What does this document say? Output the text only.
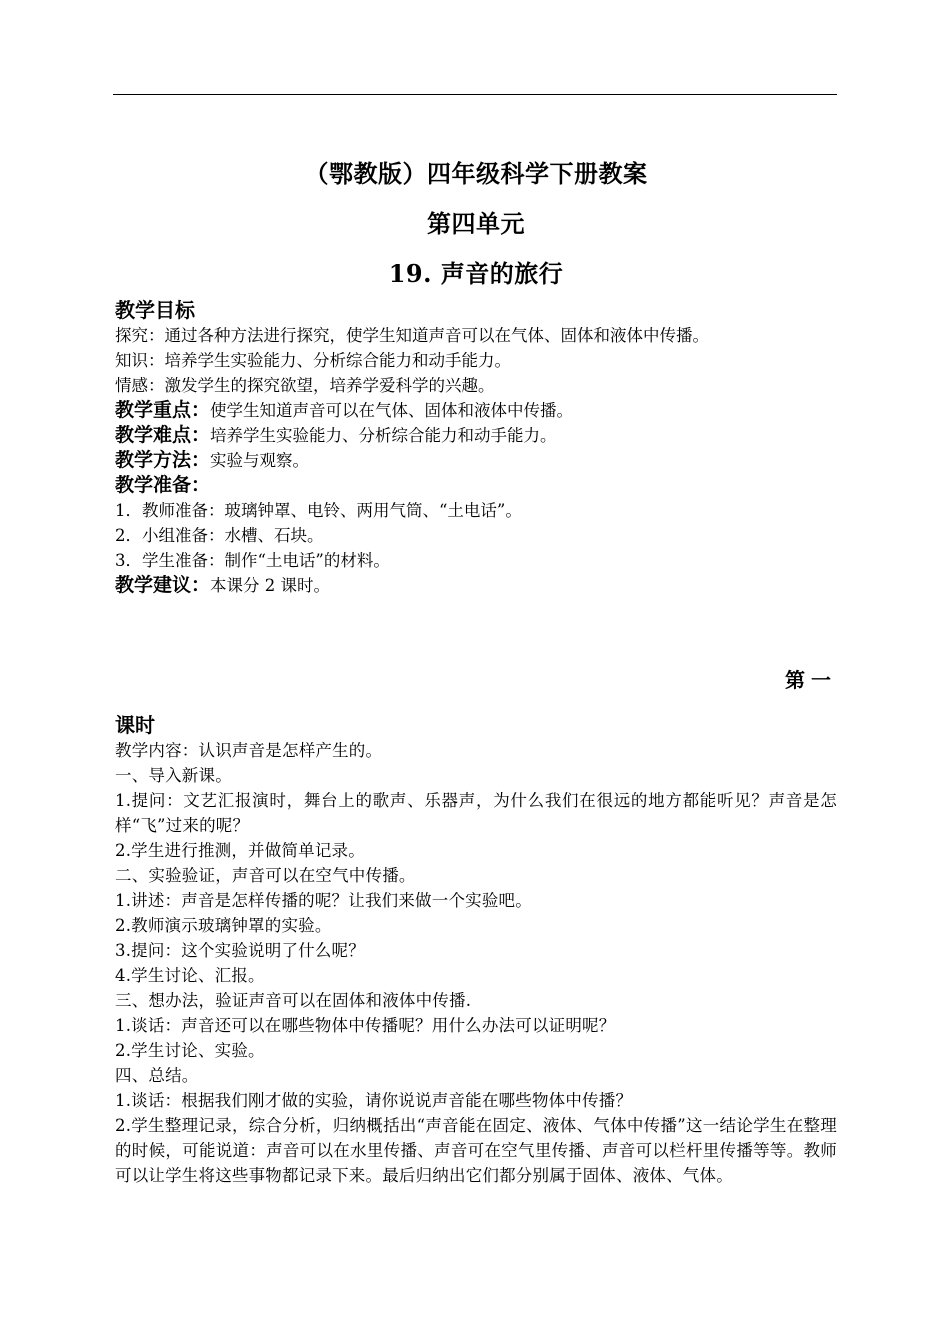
（鄂教版）四年级科学下册教案

第四单元

19. 声音的旅行

教学目标

探究：通过各种方法进行探究，使学生知道声音可以在气体、固体和液体中传播。

知识：培养学生实验能力、分析综合能力和动手能力。

情感：激发学生的探究欲望，培养学爱科学的兴趣。

教学重点：使学生知道声音可以在气体、固体和液体中传播。

教学难点：培养学生实验能力、分析综合能力和动手能力。

教学方法：实验与观察。

教学准备：

1．教师准备：玻璃钟罩、电铃、两用气筒、“土电话”。

2．小组准备：水槽、石块。

3．学生准备：制作“土电话”的材料。

教学建议：本课分 2 课时。

第一

课时

教学内容：认识声音是怎样产生的。

一、导入新课。

1.提问：文艺汇报演时，舞台上的歌声、乐器声，为什么我们在很远的地方都能听见？声音是怎样“飞”过来的呢？

2.学生进行推测，并做简单记录。

二、实验验证，声音可以在空气中传播。

1.讲述：声音是怎样传播的呢？让我们来做一个实验吧。

2.教师演示玻璃钟罩的实验。

3.提问：这个实验说明了什么呢？

4.学生讨论、汇报。

三、想办法，验证声音可以在固体和液体中传播.

1.谈话：声音还可以在哪些物体中传播呢？用什么办法可以证明呢？

2.学生讨论、实验。

四、总结。

1.谈话：根据我们刚才做的实验，请你说说声音能在哪些物体中传播？

2.学生整理记录，综合分析，归纳概括出“声音能在固定、液体、气体中传播”这一结论学生在整理的时候，可能说道：声音可以在水里传播、声音可在空气里传播、声音可以栏杆里传播等等。教师可以让学生将这些事物都记录下来。最后归纳出它们都分别属于固体、液体、气体。
